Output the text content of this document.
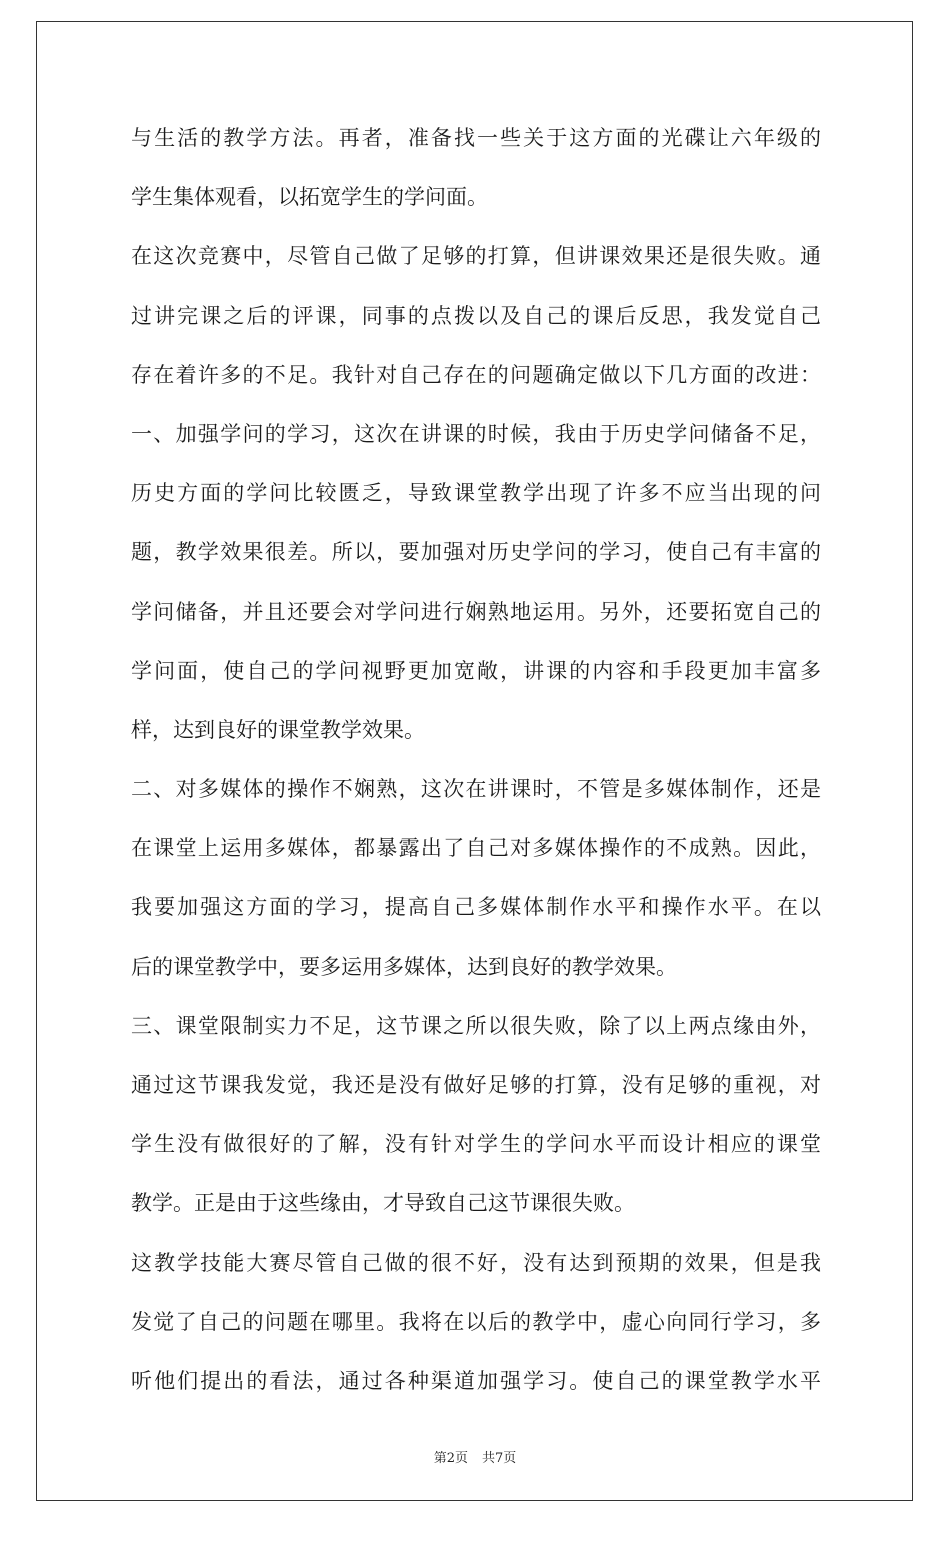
与生活的教学方法。再者，准备找一些关于这方面的光碟让六年级的
学生集体观看，以拓宽学生的学问面。
在这次竞赛中，尽管自己做了足够的打算，但讲课效果还是很失败。通
过讲完课之后的评课，同事的点拨以及自己的课后反思，我发觉自己
存在着许多的不足。我针对自己存在的问题确定做以下几方面的改进：
一、加强学问的学习，这次在讲课的时候，我由于历史学问储备不足，
历史方面的学问比较匮乏，导致课堂教学出现了许多不应当出现的问
题，教学效果很差。所以，要加强对历史学问的学习，使自己有丰富的
学问储备，并且还要会对学问进行娴熟地运用。另外，还要拓宽自己的
学问面，使自己的学问视野更加宽敞，讲课的内容和手段更加丰富多
样，达到良好的课堂教学效果。
二、对多媒体的操作不娴熟，这次在讲课时，不管是多媒体制作，还是
在课堂上运用多媒体，都暴露出了自己对多媒体操作的不成熟。因此，
我要加强这方面的学习，提高自己多媒体制作水平和操作水平。在以
后的课堂教学中，要多运用多媒体，达到良好的教学效果。
三、课堂限制实力不足，这节课之所以很失败，除了以上两点缘由外，
通过这节课我发觉，我还是没有做好足够的打算，没有足够的重视，对
学生没有做很好的了解，没有针对学生的学问水平而设计相应的课堂
教学。正是由于这些缘由，才导致自己这节课很失败。
这教学技能大赛尽管自己做的很不好，没有达到预期的效果，但是我
发觉了自己的问题在哪里。我将在以后的教学中，虚心向同行学习，多
听他们提出的看法，通过各种渠道加强学习。使自己的课堂教学水平
第2页 共7页
